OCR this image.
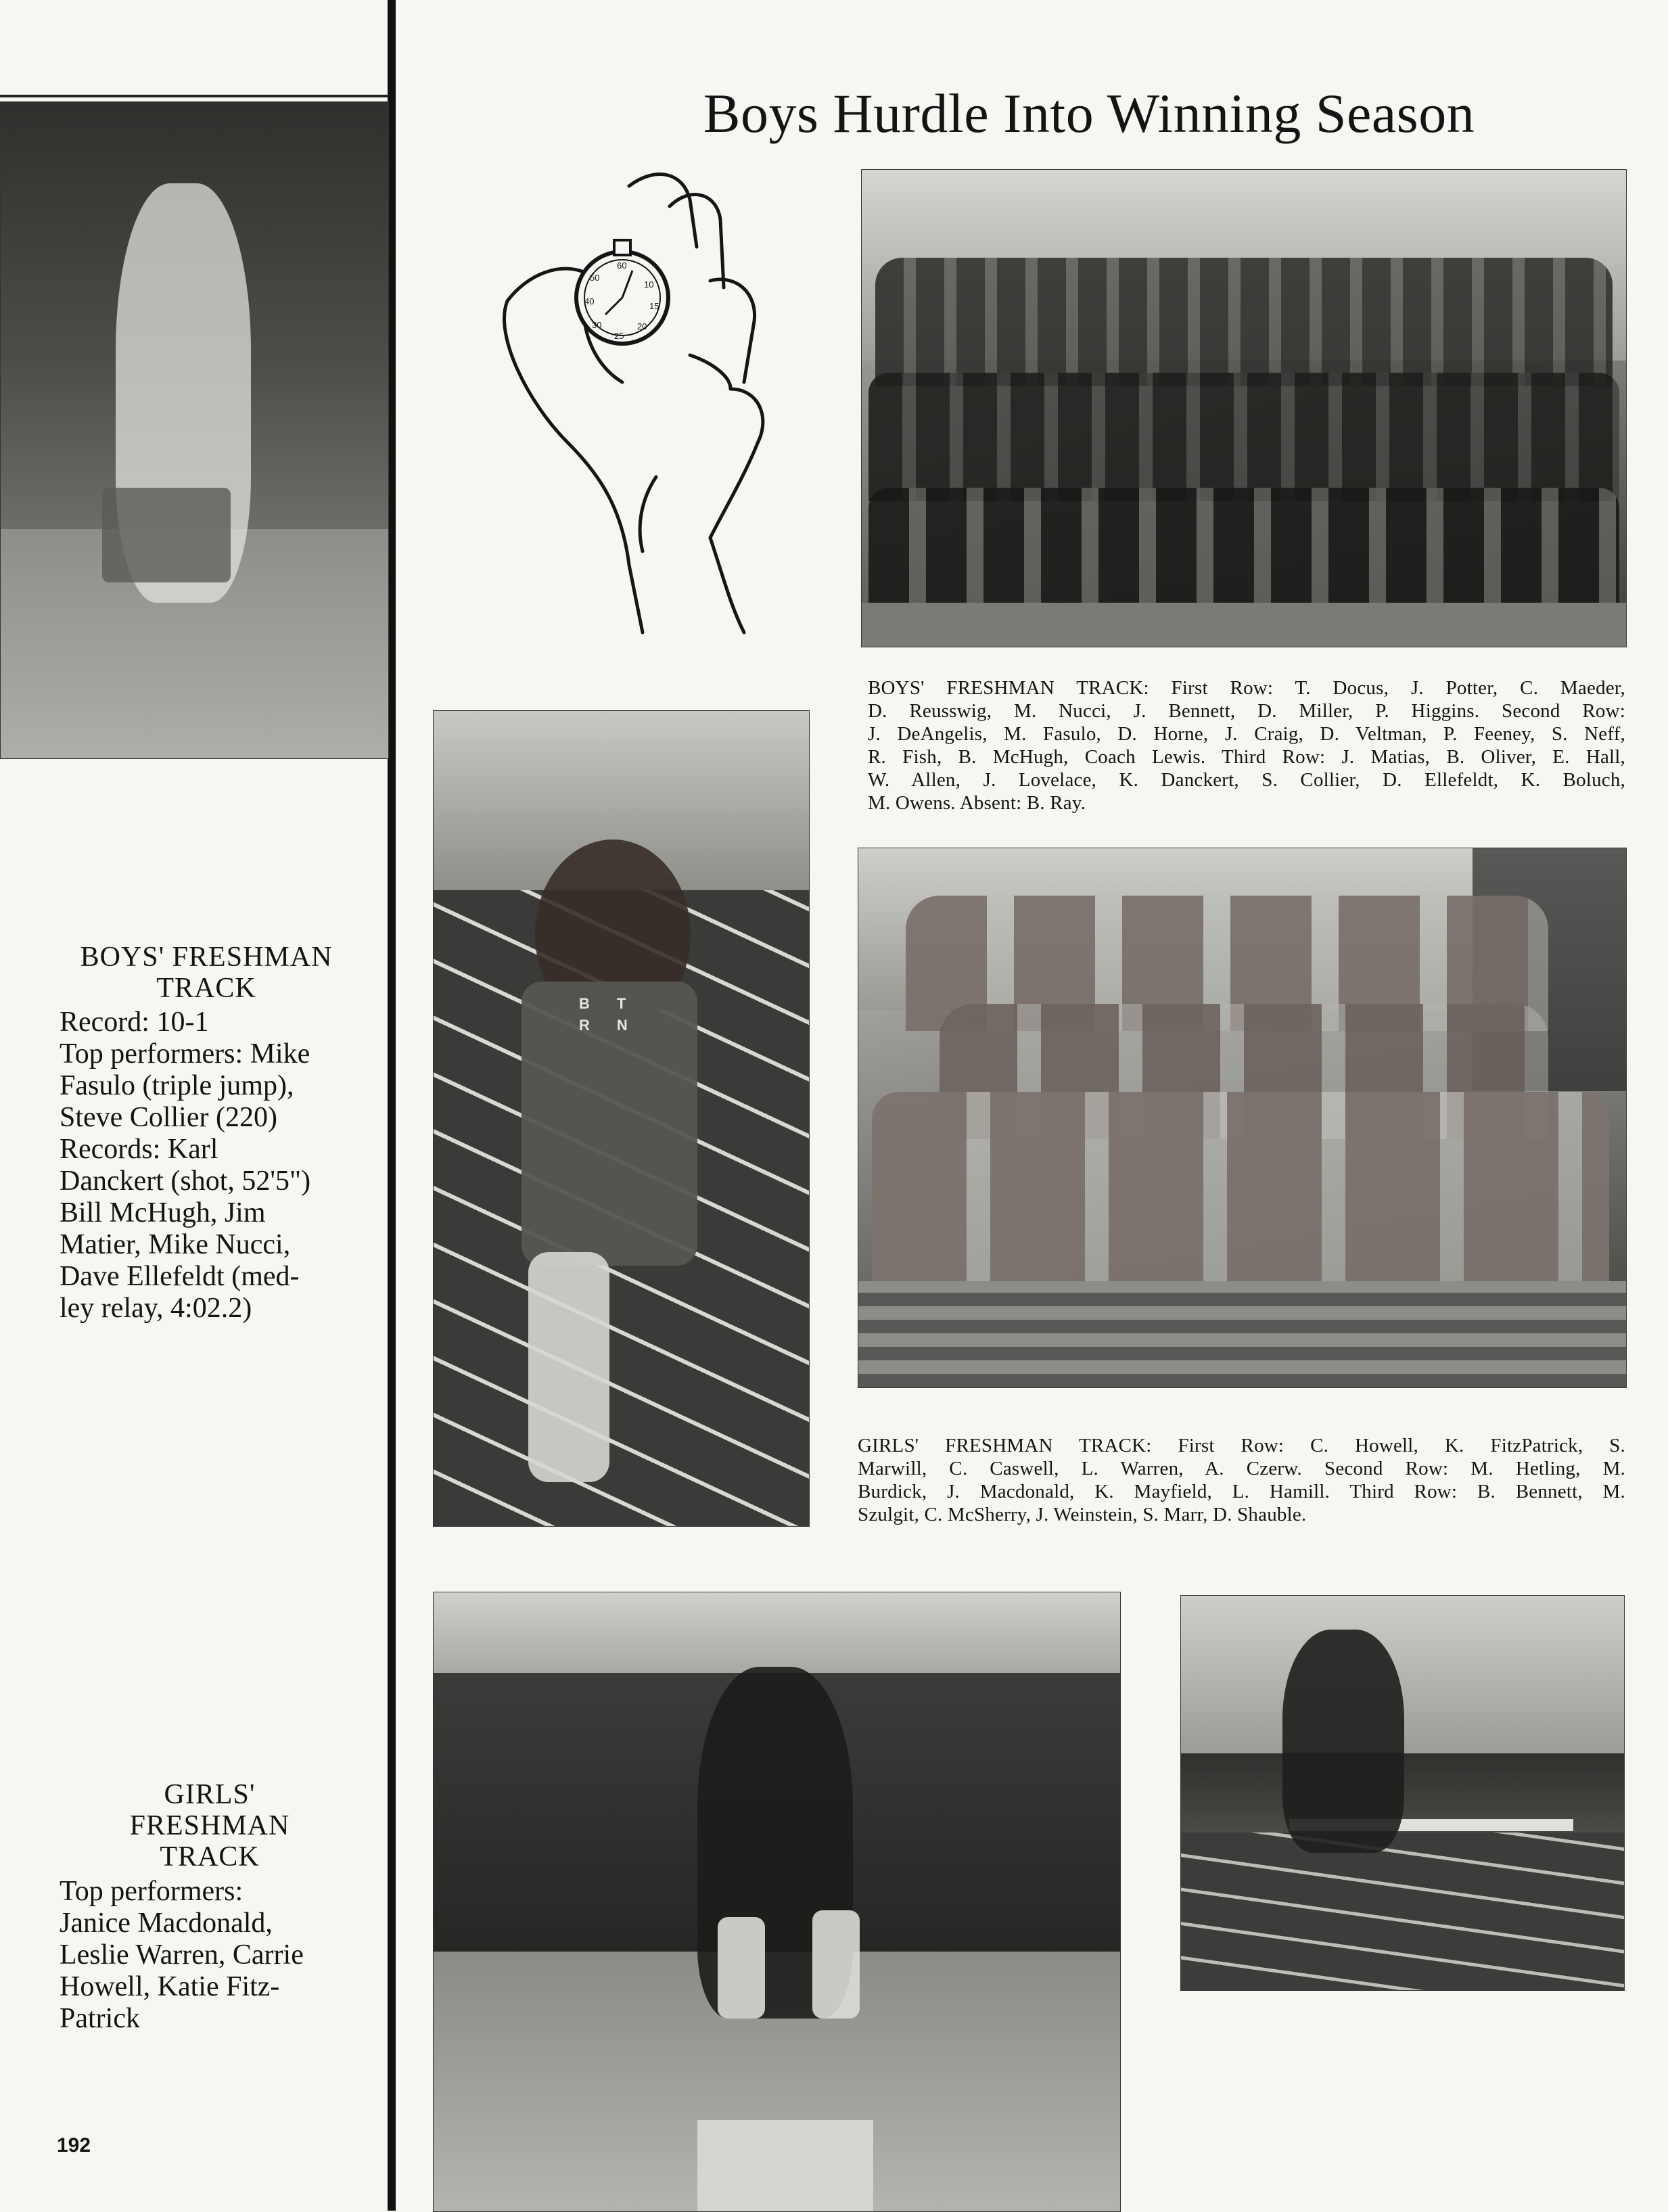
Boys Hurdle Into Winning Season
60
10
15
20
25
30
40
50
BOYS' FRESHMAN TRACK: First Row: T. Docus, J. Potter, C. Maeder,
D. Reusswig, M. Nucci, J. Bennett, D. Miller, P. Higgins. Second Row:
J. DeAngelis, M. Fasulo, D. Horne, J. Craig, D. Veltman, P. Feeney, S. Neff,
R. Fish, B. McHugh, Coach Lewis. Third Row: J. Matias, B. Oliver, E. Hall,
W. Allen, J. Lovelace, K. Danckert, S. Collier, D. Ellefeldt, K. Boluch,
M. Owens. Absent: B. Ray.
B T
R N
GIRLS' FRESHMAN TRACK: First Row: C. Howell, K. FitzPatrick, S.
Marwill, C. Caswell, L. Warren, A. Czerw. Second Row: M. Hetling, M.
Burdick, J. Macdonald, K. Mayfield, L. Hamill. Third Row: B. Bennett, M.
Szulgit, C. McSherry, J. Weinstein, S. Marr, D. Shauble.
BOYS' FRESHMAN
TRACK
Record: 10-1
Top performers: Mike
Fasulo (triple jump),
Steve Collier (220)
Records: Karl
Danckert (shot, 52'5")
Bill McHugh, Jim
Matier, Mike Nucci,
Dave Ellefeldt (med-
ley relay, 4:02.2)
GIRLS'
FRESHMAN
TRACK
Top performers:
Janice Macdonald,
Leslie Warren, Carrie
Howell, Katie Fitz-
Patrick
192
